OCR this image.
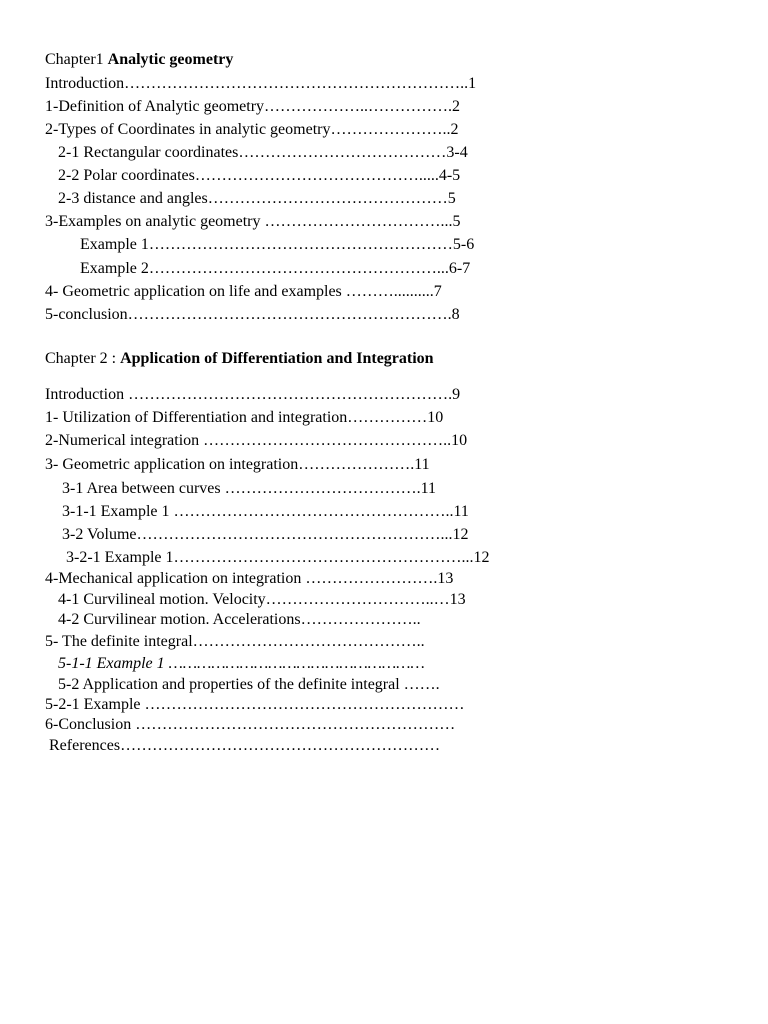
Chapter1 Analytic geometry
Introduction………………………………………………………..1
1-Definition of Analytic geometry………………..…………….2
2-Types of Coordinates in analytic geometry…………………..2
2-1 Rectangular coordinates…………………………………3-4
2-2 Polar coordinates…………………………………….....4-5
2-3 distance and angles………………………………………5
3-Examples on analytic geometry ……………………………...5
Example 1…………………………………………………5-6
Example 2………………………………………………...6-7
4- Geometric application on life and examples ………..........7
5-conclusion…………………………………………………….8
Chapter 2 : Application of Differentiation and Integration
Introduction …………………………………………………….9
1- Utilization of Differentiation and integration……………10
2-Numerical integration ………………………………………..10
3- Geometric application on integration………………….11
3-1 Area between curves ……………………………….11
3-1-1 Example 1 ……………………………………………..11
3-2 Volume…………………………………………………...12
3-2-1 Example 1………………………………………………...12
4-Mechanical application on integration …………………….13
4-1 Curvilineal motion. Velocity…………………………..…13
4-2 Curvilinear motion. Accelerations…………………..
5- The definite integral……………………………………..
5-1-1 Example 1 ………………………………………………
5-2 Application and properties of the definite integral …….
5-2-1 Example ……………………………………………………
6-Conclusion ……………………………………………………
References……………………………………………………
